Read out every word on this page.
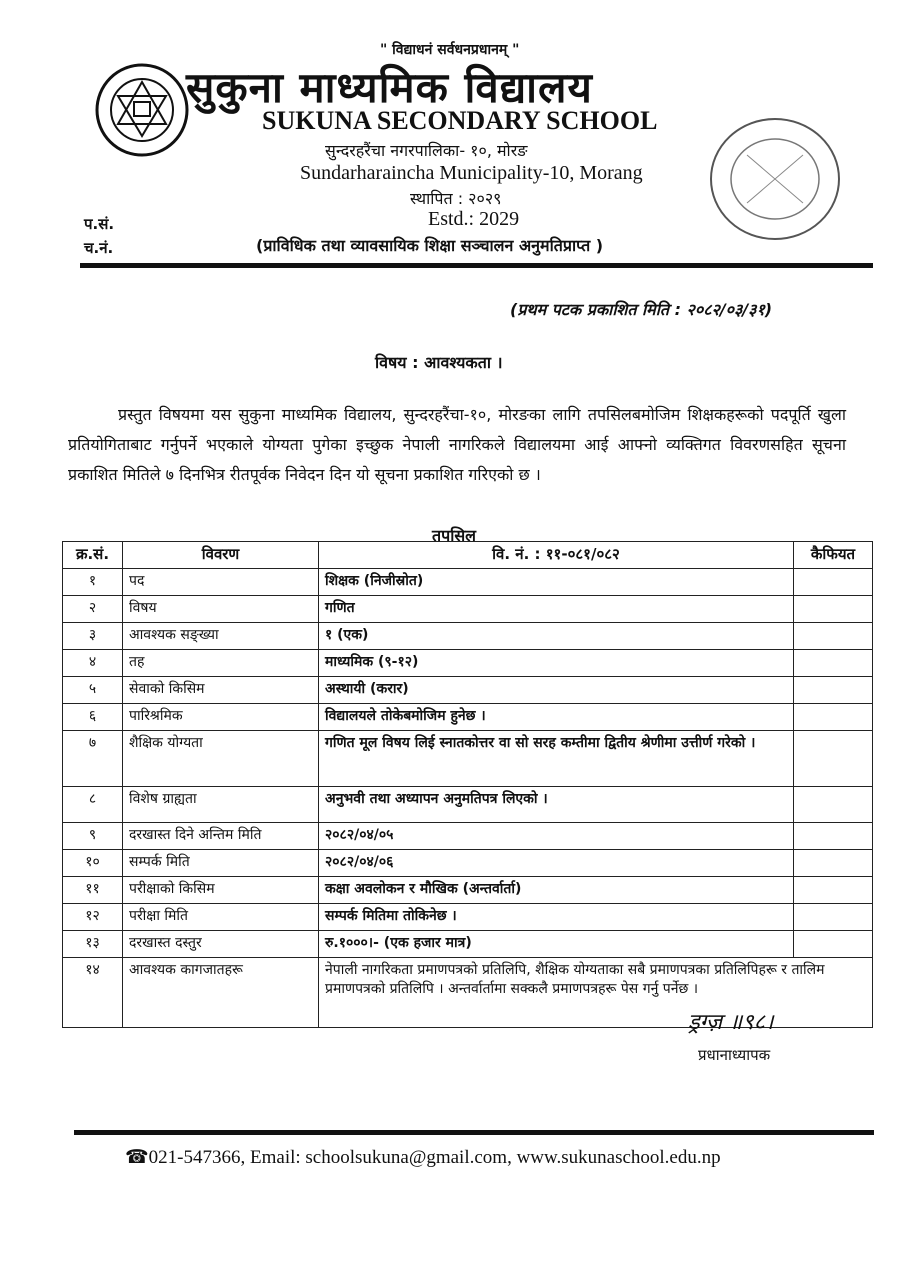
" विद्याधनं सर्वधनप्रधानम् "
सुकुना माध्यमिक विद्यालय
SUKUNA SECONDARY SCHOOL
सुन्दरहरैंचा नगरपालिका- १०, मोरङ
Sundarharaincha Municipality-10, Morang
स्थापित : २०२९
Estd.: 2029
प.सं.
च.नं.	(प्राविधिक तथा व्यावसायिक शिक्षा सञ्चालन अनुमतिप्राप्त )
(प्रथम पटक प्रकाशित मिति : २०८२/०३/३१)
विषय : आवश्यकता ।
प्रस्तुत विषयमा यस सुकुना माध्यमिक विद्यालय, सुन्दरहरैंचा-१०, मोरङका लागि तपसिलबमोजिम शिक्षकहरूको पदपूर्ति खुला प्रतियोगिताबाट गर्नुपर्ने भएकाले योग्यता पुगेका इच्छुक नेपाली नागरिकले विद्यालयमा आई आफ्नो व्यक्तिगत विवरणसहित सूचना प्रकाशित मितिले ७ दिनभित्र रीतपूर्वक निवेदन दिन यो सूचना प्रकाशित गरिएको छ ।
तपसिल
क्र.सं.	विवरण	वि. नं. : ११-०८१/०८२	कैफियत
१	पद	शिक्षक (निजीस्रोत)	
२	विषय	गणित	
३	आवश्यक सङ्ख्या	१ (एक)	
४	तह	माध्यमिक (९-१२)	
५	सेवाको किसिम	अस्थायी (करार)	
६	पारिश्रमिक	विद्यालयले तोकेबमोजिम हुनेछ ।	
७	शैक्षिक योग्यता	गणित मूल विषय लिई स्नातकोत्तर वा सो सरह कम्तीमा द्वितीय श्रेणीमा उत्तीर्ण गरेको ।	
८	विशेष ग्राह्यता	अनुभवी तथा अध्यापन अनुमतिपत्र लिएको ।	
९	दरखास्त दिने अन्तिम मिति	२०८२/०४/०५	
१०	सम्पर्क मिति	२०८२/०४/०६	
११	परीक्षाको किसिम	कक्षा अवलोकन र मौखिक (अन्तर्वार्ता)	
१२	परीक्षा मिति	सम्पर्क मितिमा तोकिनेछ ।	
१३	दरखास्त दस्तुर	रु.१०००।- (एक हजार मात्र)	
१४	आवश्यक कागजातहरू	नेपाली नागरिकता प्रमाणपत्रको प्रतिलिपि, शैक्षिक योग्यताका सबै प्रमाणपत्रका प्रतिलिपिहरू र तालिम प्रमाणपत्रको प्रतिलिपि । अन्तर्वार्तामा सक्कलै प्रमाणपत्रहरू पेस गर्नु पर्नेछ ।	
ड्रग्ज़ ॥९८।
प्रधानाध्यापक
☎021-547366, Email: schoolsukuna@gmail.com, www.sukunaschool.edu.np
